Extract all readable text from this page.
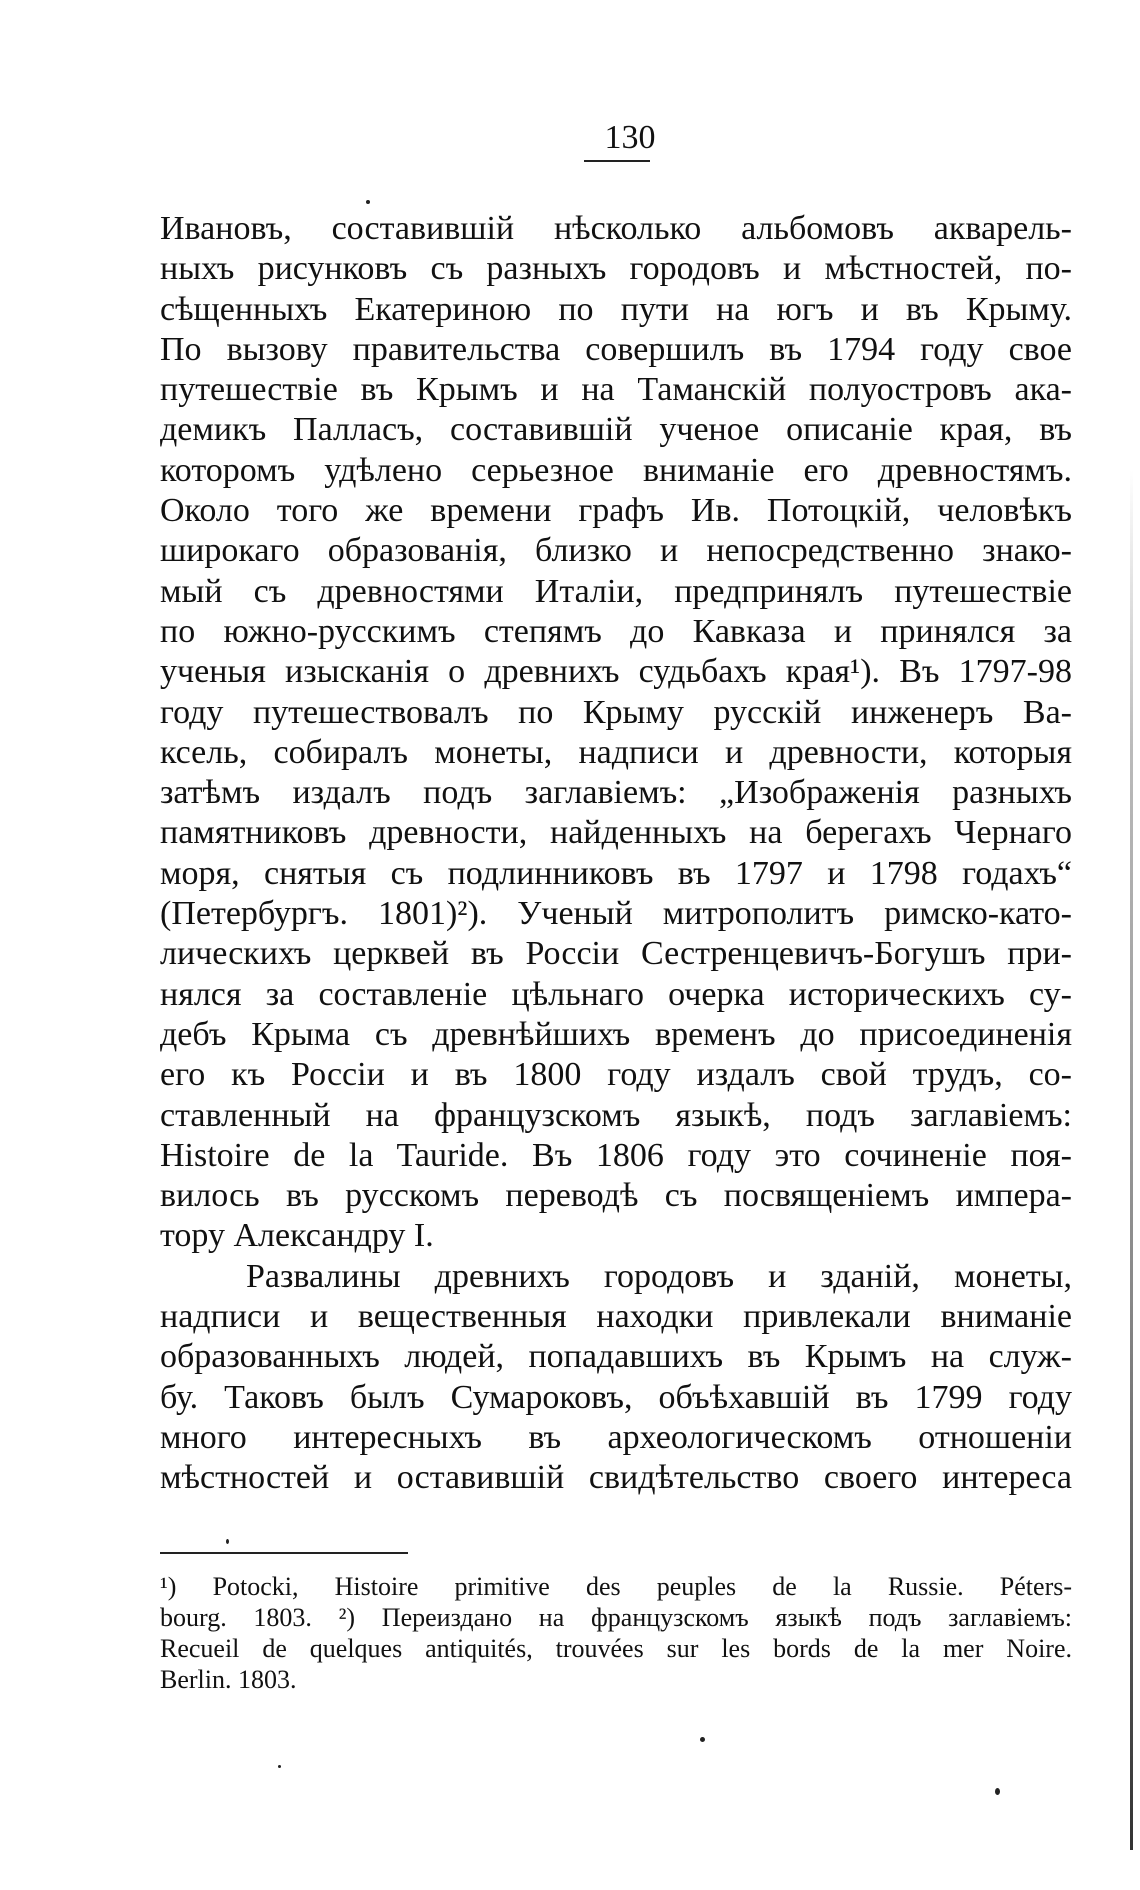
130
Ивановъ, составившій нѣсколько альбомовъ акварель-
ныхъ рисунковъ съ разныхъ городовъ и мѣстностей, по-
сѣщенныхъ Екатериною по пути на югъ и въ Крыму.
По вызову правительства совершилъ въ 1794 году свое
путешествіе въ Крымъ и на Таманскій полуостровъ ака-
демикъ Палласъ, составившій ученое описаніе края, въ
которомъ удѣлено серьезное вниманіе его древностямъ.
Около того же времени графъ Ив. Потоцкій, человѣкъ
широкаго образованія, близко и непосредственно знако-
мый съ древностями Италіи, предпринялъ путешествіе
по южно-русскимъ степямъ до Кавказа и принялся за
ученыя изысканія о древнихъ судьбахъ края¹). Въ 1797-98
году путешествовалъ по Крыму русскій инженеръ Ва-
ксель, собиралъ монеты, надписи и древности, которыя
затѣмъ издалъ подъ заглавіемъ: „Изображенія разныхъ
памятниковъ древности, найденныхъ на берегахъ Чернаго
моря, снятыя съ подлинниковъ въ 1797 и 1798 годахъ“
(Петербургъ. 1801)²). Ученый митрополитъ римско-като-
лическихъ церквей въ Россіи Сестренцевичъ-Богушъ при-
нялся за составленіе цѣльнаго очерка историческихъ су-
дебъ Крыма съ древнѣйшихъ временъ до присоединенія
его къ Россіи и въ 1800 году издалъ свой трудъ, со-
ставленный на французскомъ языкѣ, подъ заглавіемъ:
Histoire de la Tauride. Въ 1806 году это сочиненіе поя-
вилось въ русскомъ переводѣ съ посвященіемъ импера-
тору Александру I.
Развалины древнихъ городовъ и зданій, монеты,
надписи и вещественныя находки привлекали вниманіе
образованныхъ людей, попадавшихъ въ Крымъ на служ-
бу. Таковъ былъ Сумароковъ, объѣхавшій въ 1799 году
много интересныхъ въ археологическомъ отношеніи
мѣстностей и оставившій свидѣтельство своего интереса
¹) Potocki, Histoire primitive des peuples de la Russie. Péters-
bourg. 1803. ²) Переиздано на французскомъ языкѣ подъ заглавіемъ:
Recueil de quelques antiquités, trouvées sur les bords de la mer Noire.
Berlin. 1803.
